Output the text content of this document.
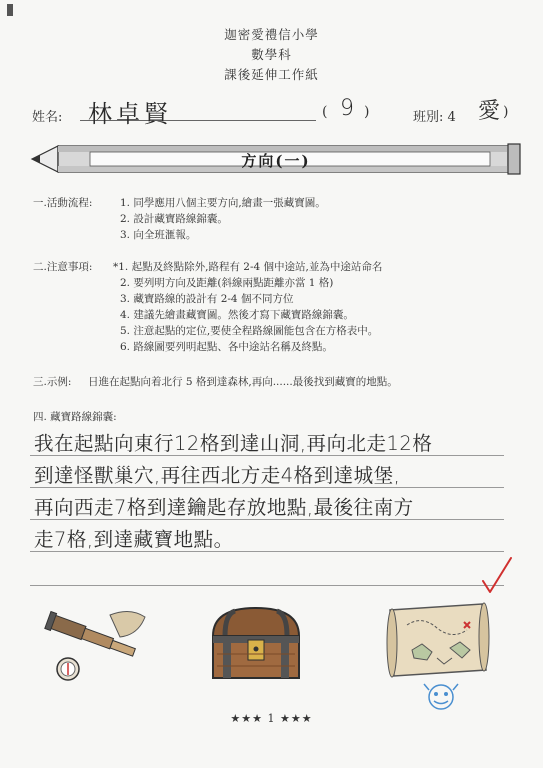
迦密愛禮信小學
數學科
課後延伸工作紙
姓名: 林卓賢	( 9 )	班別: 4 愛 )
方向(一)
一.活動流程:	1. 同學應用八個主要方向,繪畫一張藏寶圖。
2. 設計藏寶路線錦囊。
3. 向全班滙報。
二.注意事項: *1. 起點及終點除外,路程有 2-4 個中途站,並為中途站命名
2. 要列明方向及距離(斜線兩點距離亦當 1 格)
3. 藏寶路線的設計有 2-4 個不同方位
4. 建議先繪畫藏寶圖。然後才寫下藏寶路線錦囊。
5. 注意起點的定位,要使全程路線圖能包含在方格表中。
6. 路線圖要列明起點、各中途站名稱及終點。
三.示例: 日進在起點向着北行 5 格到達森林,再向......最後找到藏寶的地點。
四. 藏寶路線錦囊:
我在起點向東行12格到達山洞,再向北走12格
到達怪獸巢穴,再往西北方走4格到達城堡,
再向西走7格到達鑰匙存放地點,最後往南方
走7格,到達藏寶地點。
★★★ 1 ★★★
